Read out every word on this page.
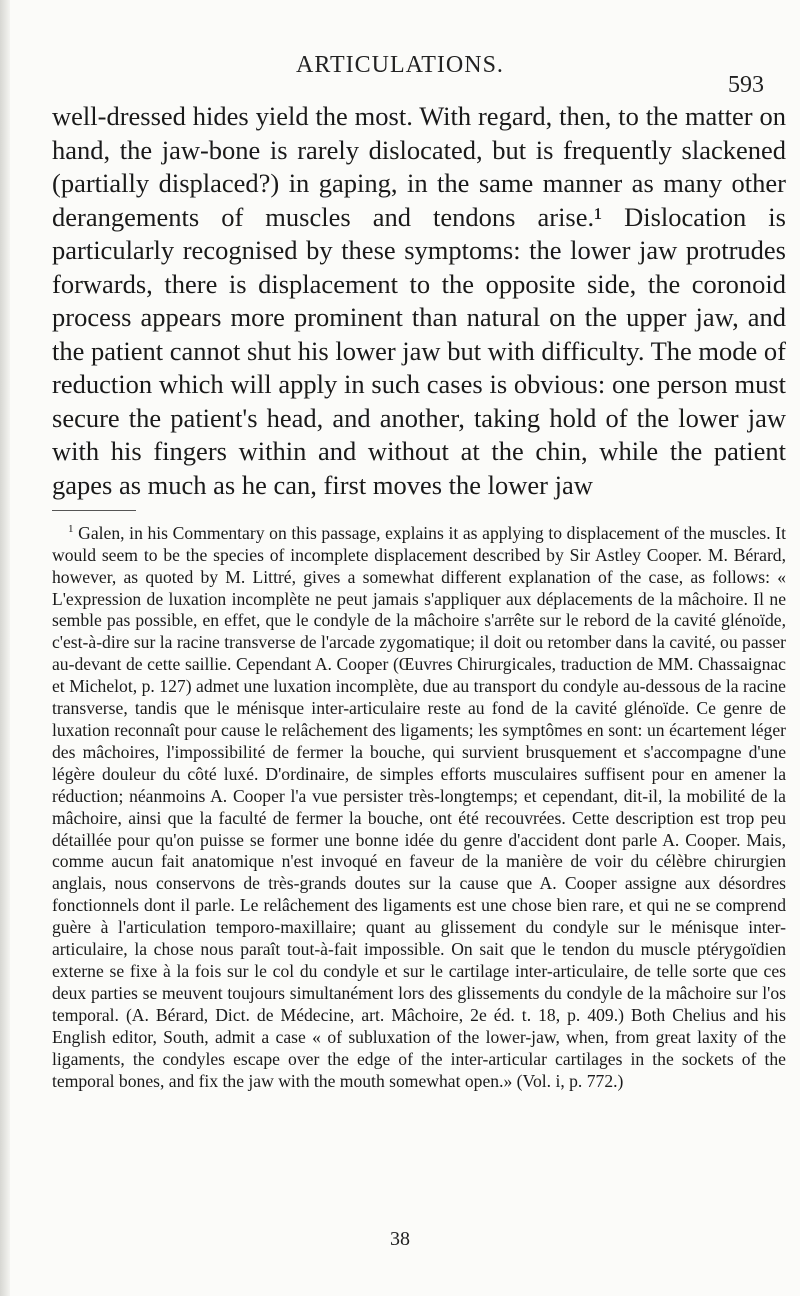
ARTICULATIONS.
593

well-dressed hides yield the most. With regard, then, to the matter on hand, the jaw-bone is rarely dislocated, but is frequently slackened (partially displaced?) in gaping, in the same manner as many other derangements of muscles and tendons arise.¹ Dislocation is particularly recognised by these symptoms: the lower jaw protrudes forwards, there is displacement to the opposite side, the coronoid process appears more prominent than natural on the upper jaw, and the patient cannot shut his lower jaw but with difficulty. The mode of reduction which will apply in such cases is obvious: one person must secure the patient's head, and another, taking hold of the lower jaw with his fingers within and without at the chin, while the patient gapes as much as he can, first moves the lower jaw

$^1$ Galen, in his Commentary on this passage, explains it as applying to displacement of the muscles. It would seem to be the species of incomplete displacement described by Sir Astley Cooper. M. Bérard, however, as quoted by M. Littré, gives a somewhat different explanation of the case, as follows: « L'expression de luxation incomplète ne peut jamais s'appliquer aux déplacements de la mâchoire. Il ne semble pas possible, en effet, que le condyle de la mâchoire s'arrête sur le rebord de la cavité glénoïde, c'est-à-dire sur la racine transverse de l'arcade zygomatique; il doit ou retomber dans la cavité, ou passer au-devant de cette saillie. Cependant A. Cooper (Œuvres Chirurgicales, traduction de MM. Chassaignac et Michelot, p. 127) admet une luxation incomplète, due au transport du condyle au-dessous de la racine transverse, tandis que le ménisque inter-articulaire reste au fond de la cavité glénoïde. Ce genre de luxation reconnaît pour cause le relâchement des ligaments; les symptômes en sont: un écartement léger des mâchoires, l'impossibilité de fermer la bouche, qui survient brusquement et s'accompagne d'une légère douleur du côté luxé. D'ordinaire, de simples efforts musculaires suffisent pour en amener la réduction; néanmoins A. Cooper l'a vue persister très-longtemps; et cependant, dit-il, la mobilité de la mâchoire, ainsi que la faculté de fermer la bouche, ont été recouvrées. Cette description est trop peu détaillée pour qu'on puisse se former une bonne idée du genre d'accident dont parle A. Cooper. Mais, comme aucun fait anatomique n'est invoqué en faveur de la manière de voir du célèbre chirurgien anglais, nous conservons de très-grands doutes sur la cause que A. Cooper assigne aux désordres fonctionnels dont il parle. Le relâchement des ligaments est une chose bien rare, et qui ne se comprend guère à l'articulation temporo-maxillaire; quant au glissement du condyle sur le ménisque inter-articulaire, la chose nous paraît tout-à-fait impossible. On sait que le tendon du muscle ptérygoïdien externe se fixe à la fois sur le col du condyle et sur le cartilage inter-articulaire, de telle sorte que ces deux parties se meuvent toujours simultanément lors des glissements du condyle de la mâchoire sur l'os temporal. (A. Bérard, Dict. de Médecine, art. Mâchoire, 2e éd. t. 18, p. 409.) Both Chelius and his English editor, South, admit a case « of subluxation of the lower-jaw, when, from great laxity of the ligaments, the condyles escape over the edge of the inter-articular cartilages in the sockets of the temporal bones, and fix the jaw with the mouth somewhat open.» (Vol. i, p. 772.)

38
